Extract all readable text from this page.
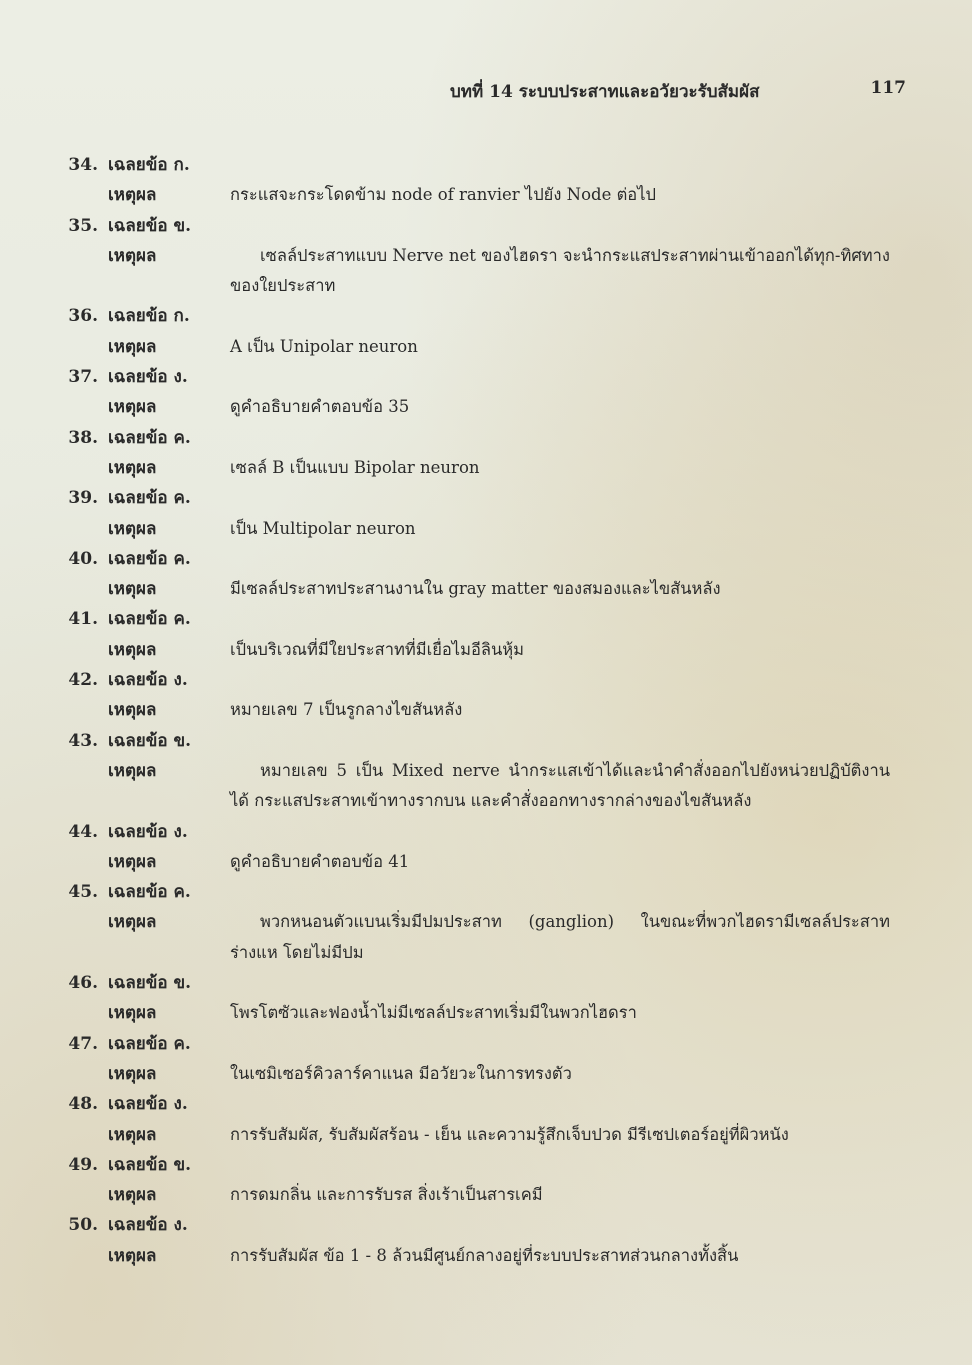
บทที่ 14 ระบบประสาทและอวัยวะรับสัมผัส	117
34. เฉลยข้อ ก.
เหตุผล	กระแสจะกระโดดข้าม node of ranvier ไปยัง Node ต่อไป
35. เฉลยข้อ ข.
เหตุผล	เซลล์ประสาทแบบ Nerve net ของไฮดรา จะนำกระแสประสาทผ่านเข้าออกได้ทุก-ทิศทางของใยประสาท
36. เฉลยข้อ ก.
เหตุผล	A เป็น Unipolar neuron
37. เฉลยข้อ ง.
เหตุผล	ดูคำอธิบายคำตอบข้อ 35
38. เฉลยข้อ ค.
เหตุผล	เซลล์ B เป็นแบบ Bipolar neuron
39. เฉลยข้อ ค.
เหตุผล	เป็น Multipolar neuron
40. เฉลยข้อ ค.
เหตุผล	มีเซลล์ประสาทประสานงานใน gray matter ของสมองและไขสันหลัง
41. เฉลยข้อ ค.
เหตุผล	เป็นบริเวณที่มีใยประสาทที่มีเยื่อไมอีลินหุ้ม
42. เฉลยข้อ ง.
เหตุผล	หมายเลข 7 เป็นรูกลางไขสันหลัง
43. เฉลยข้อ ข.
เหตุผล	หมายเลข 5 เป็น Mixed nerve นำกระแสเข้าได้และนำคำสั่งออกไปยังหน่วยปฏิบัติงานได้ กระแสประสาทเข้าทางรากบน และคำสั่งออกทางรากล่างของไขสันหลัง
44. เฉลยข้อ ง.
เหตุผล	ดูคำอธิบายคำตอบข้อ 41
45. เฉลยข้อ ค.
เหตุผล	พวกหนอนตัวแบนเริ่มมีปมประสาท (ganglion) ในขณะที่พวกไฮดรามีเซลล์ประสาทร่างแห โดยไม่มีปม
46. เฉลยข้อ ข.
เหตุผล	โพรโตซัวและฟองน้ำไม่มีเซลล์ประสาทเริ่มมีในพวกไฮดรา
47. เฉลยข้อ ค.
เหตุผล	ในเซมิเซอร์คิวลาร์คาแนล มีอวัยวะในการทรงตัว
48. เฉลยข้อ ง.
เหตุผล	การรับสัมผัส, รับสัมผัสร้อน - เย็น และความรู้สึกเจ็บปวด มีรีเซปเตอร์อยู่ที่ผิวหนัง
49. เฉลยข้อ ข.
เหตุผล	การดมกลิ่น และการรับรส สิ่งเร้าเป็นสารเคมี
50. เฉลยข้อ ง.
เหตุผล	การรับสัมผัส ข้อ 1 - 8 ล้วนมีศูนย์กลางอยู่ที่ระบบประสาทส่วนกลางทั้งสิ้น
